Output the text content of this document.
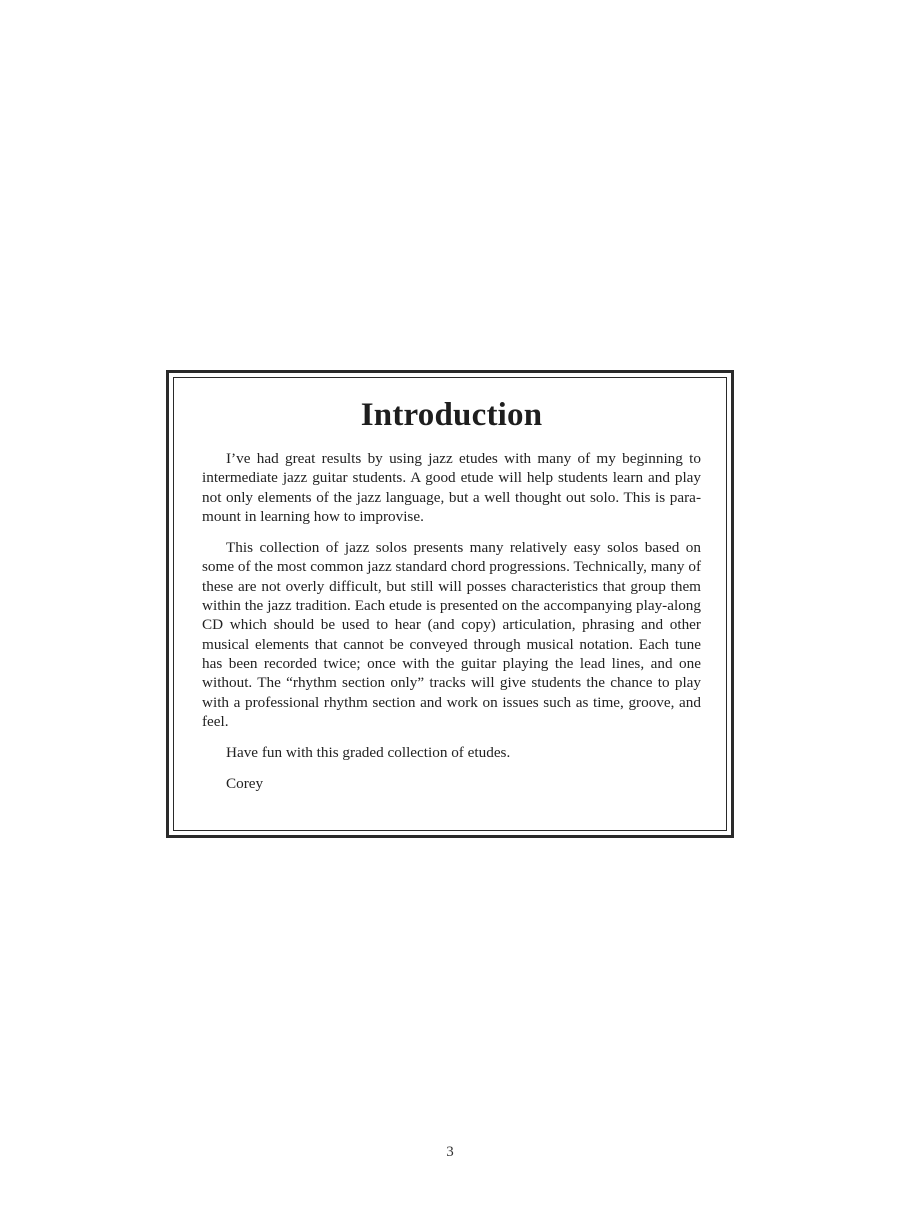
Introduction

I’ve had great results by using jazz etudes with many of my beginning to intermediate jazz guitar students. A good etude will help students learn and play not only elements of the jazz language, but a well thought out solo. This is paramount in learning how to improvise.

This collection of jazz solos presents many relatively easy solos based on some of the most common jazz standard chord progressions. Technically, many of these are not overly difficult, but still will posses characteristics that group them within the jazz tradition. Each etude is presented on the accompanying play-along CD which should be used to hear (and copy) articulation, phrasing and other musical elements that cannot be conveyed through musical notation. Each tune has been recorded twice; once with the guitar playing the lead lines, and one without. The “rhythm section only” tracks will give students the chance to play with a professional rhythm section and work on issues such as time, groove, and feel.

Have fun with this graded collection of etudes.

Corey

3
